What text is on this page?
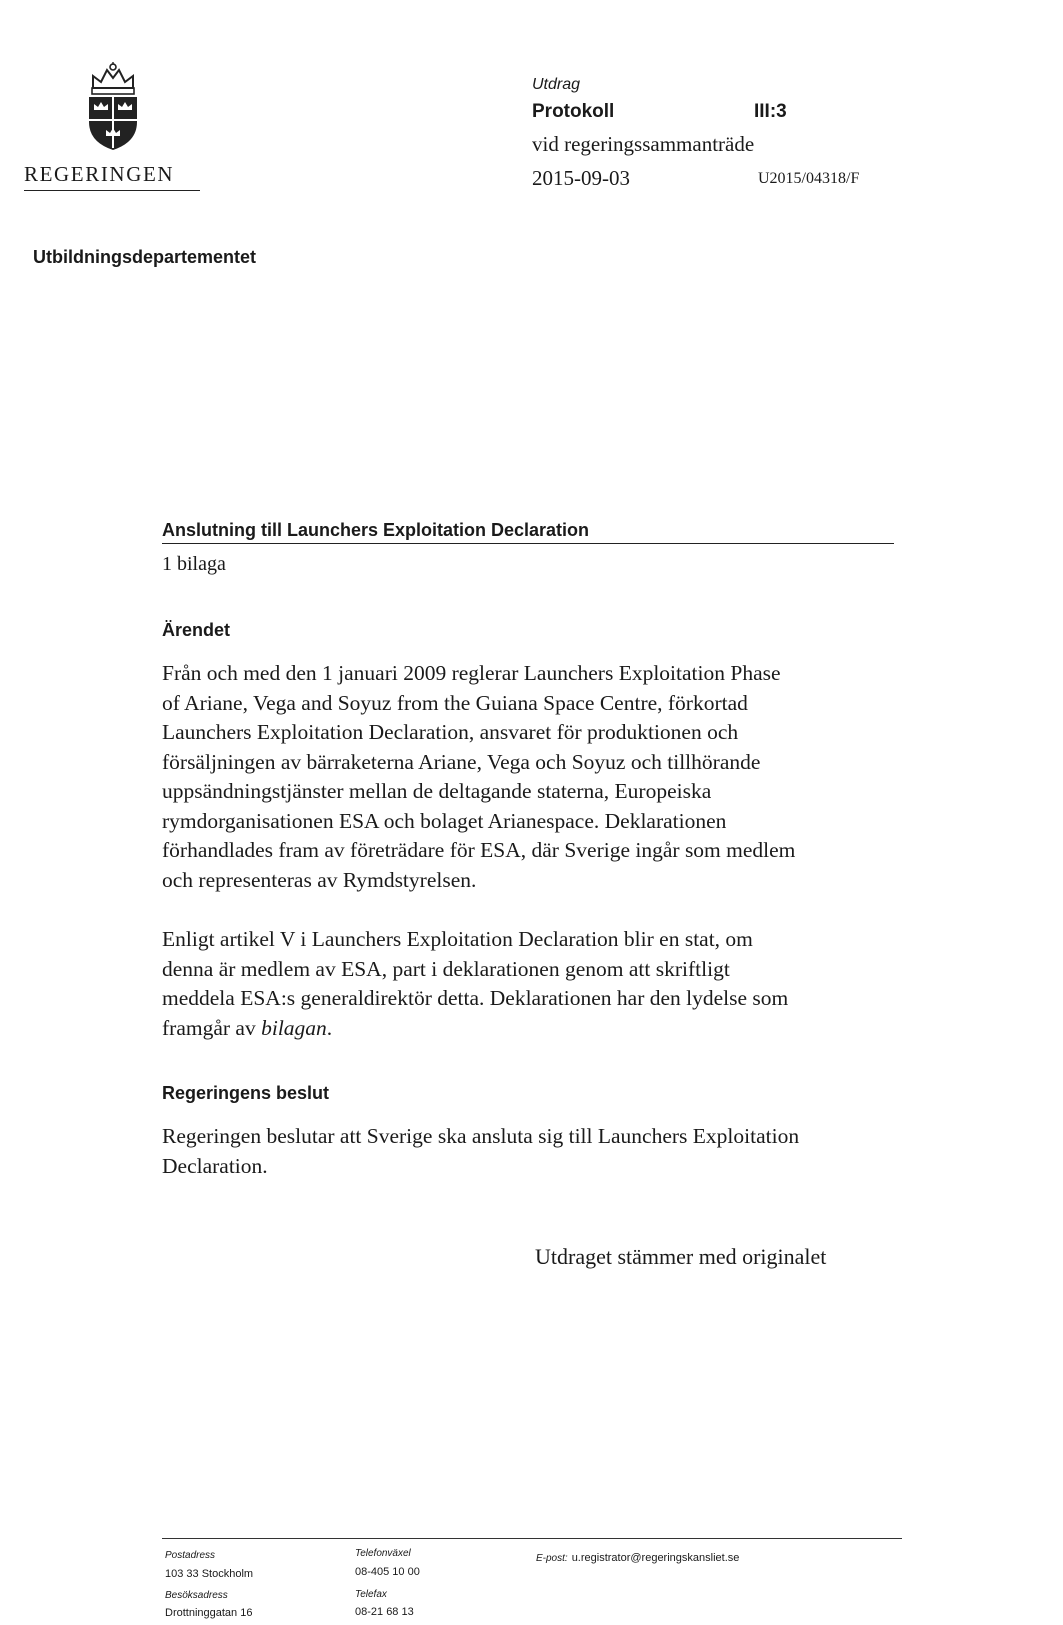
REGERINGEN
Utdrag
Protokoll	III:3
vid regeringssammanträde
2015-09-03	U2015/04318/F
Utbildningsdepartementet
Anslutning till Launchers Exploitation Declaration
1 bilaga
Ärendet
Från och med den 1 januari 2009 reglerar Launchers Exploitation Phase
of Ariane, Vega and Soyuz from the Guiana Space Centre, förkortad
Launchers Exploitation Declaration, ansvaret för produktionen och
försäljningen av bärraketerna Ariane, Vega och Soyuz och tillhörande
uppsändningstjänster mellan de deltagande staterna, Europeiska
rymdorganisationen ESA och bolaget Arianespace. Deklarationen
förhandlades fram av företrädare för ESA, där Sverige ingår som medlem
och representeras av Rymdstyrelsen.
Enligt artikel V i Launchers Exploitation Declaration blir en stat, om
denna är medlem av ESA, part i deklarationen genom att skriftligt
meddela ESA:s generaldirektör detta. Deklarationen har den lydelse som
framgår av bilagan.
Regeringens beslut
Regeringen beslutar att Sverige ska ansluta sig till Launchers Exploitation
Declaration.
Utdraget stämmer med originalet
Postadress
103 33 Stockholm
Besöksadress
Drottninggatan 16
Telefonväxel
08-405 10 00
Telefax
08-21 68 13
E-post: u.registrator@regeringskansliet.se
